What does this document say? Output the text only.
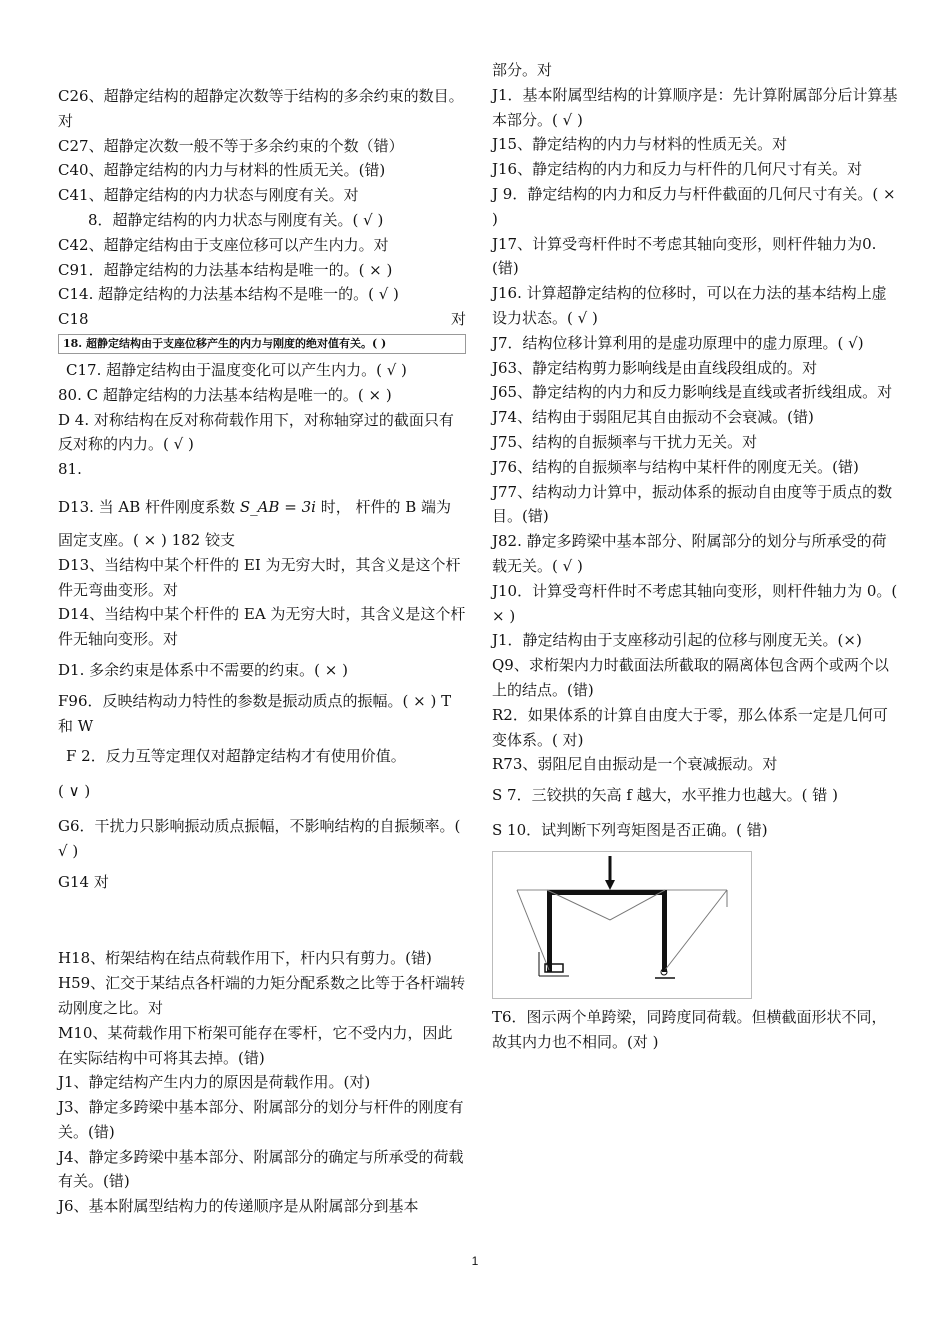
C26、超静定结构的超静定次数等于结构的多余约束的数目。对

C27、超静定次数一般不等于多余约束的个数（错）

C40、超静定结构的内力与材料的性质无关。(错)

C41、超静定结构的内力状态与刚度有关。对

8．超静定结构的内力状态与刚度有关。( √ )

C42、超静定结构由于支座位移可以产生内力。对

C91．超静定结构的力法基本结构是唯一的。( × )

C14. 超静定结构的力法基本结构不是唯一的。( √ )

C18	对
18. 超静定结构由于支座位移产生的内力与刚度的绝对值有关。( )

C17. 超静定结构由于温度变化可以产生内力。( √ )

80. C 超静定结构的力法基本结构是唯一的。( × )

D 4. 对称结构在反对称荷载作用下，对称轴穿过的截面只有反对称的内力。( √ )

81.

D13. 当 AB 杆件刚度系数 S_AB = 3i 时， 杆件的 B 端为

固定支座。( × ) 182 铰支

D13、当结构中某个杆件的 EI 为无穷大时，其含义是这个杆件无弯曲变形。对

D14、当结构中某个杆件的 EA 为无穷大时，其含义是这个杆件无轴向变形。对

D1. 多余约束是体系中不需要的约束。( × )

F96．反映结构动力特性的参数是振动质点的振幅。( × ) T 和 W

F 2．反力互等定理仅对超静定结构才有使用价值。

( ∨ )

G6．干扰力只影响振动质点振幅，不影响结构的自振频率。( √ )

G14 对

H18、桁架结构在结点荷载作用下，杆内只有剪力。(错)

H59、汇交于某结点各杆端的力矩分配系数之比等于各杆端转动刚度之比。对

M10、某荷载作用下桁架可能存在零杆，它不受内力，因此在实际结构中可将其去掉。(错)

J1、静定结构产生内力的原因是荷载作用。(对)

J3、静定多跨梁中基本部分、附属部分的划分与杆件的刚度有关。(错)

J4、静定多跨梁中基本部分、附属部分的确定与所承受的荷载有关。(错)

J6、基本附属型结构力的传递顺序是从附属部分到基本

部分。对

J1．基本附属型结构的计算顺序是：先计算附属部分后计算基本部分。( √ )

J15、静定结构的内力与材料的性质无关。对

J16、静定结构的内力和反力与杆件的几何尺寸有关。对

J 9．静定结构的内力和反力与杆件截面的几何尺寸有关。( × )

J17、计算受弯杆件时不考虑其轴向变形，则杆件轴力为0.(错)

J16. 计算超静定结构的位移时，可以在力法的基本结构上虚设力状态。( √ )

J7．结构位移计算利用的是虚功原理中的虚力原理。( √)

J63、静定结构剪力影响线是由直线段组成的。对

J65、静定结构的内力和反力影响线是直线或者折线组成。对

J74、结构由于弱阻尼其自由振动不会衰减。(错)

J75、结构的自振频率与干扰力无关。对

J76、结构的自振频率与结构中某杆件的刚度无关。(错)

J77、结构动力计算中，振动体系的振动自由度等于质点的数目。(错)

J82. 静定多跨梁中基本部分、附属部分的划分与所承受的荷载无关。( √ )

J10．计算受弯杆件时不考虑其轴向变形，则杆件轴力为 0。( × )

J1．静定结构由于支座移动引起的位移与刚度无关。(×)

Q9、求桁架内力时截面法所截取的隔离体包含两个或两个以上的结点。(错)

R2．如果体系的计算自由度大于零，那么体系一定是几何可变体系。( 对)

R73、弱阻尼自由振动是一个衰减振动。对

S 7．三铰拱的矢高 f 越大，水平推力也越大。( 错 )

S 10．试判断下列弯矩图是否正确。( 错)

T6．图示两个单跨梁，同跨度同荷载。但横截面形状不同，故其内力也不相同。(对 )

1
